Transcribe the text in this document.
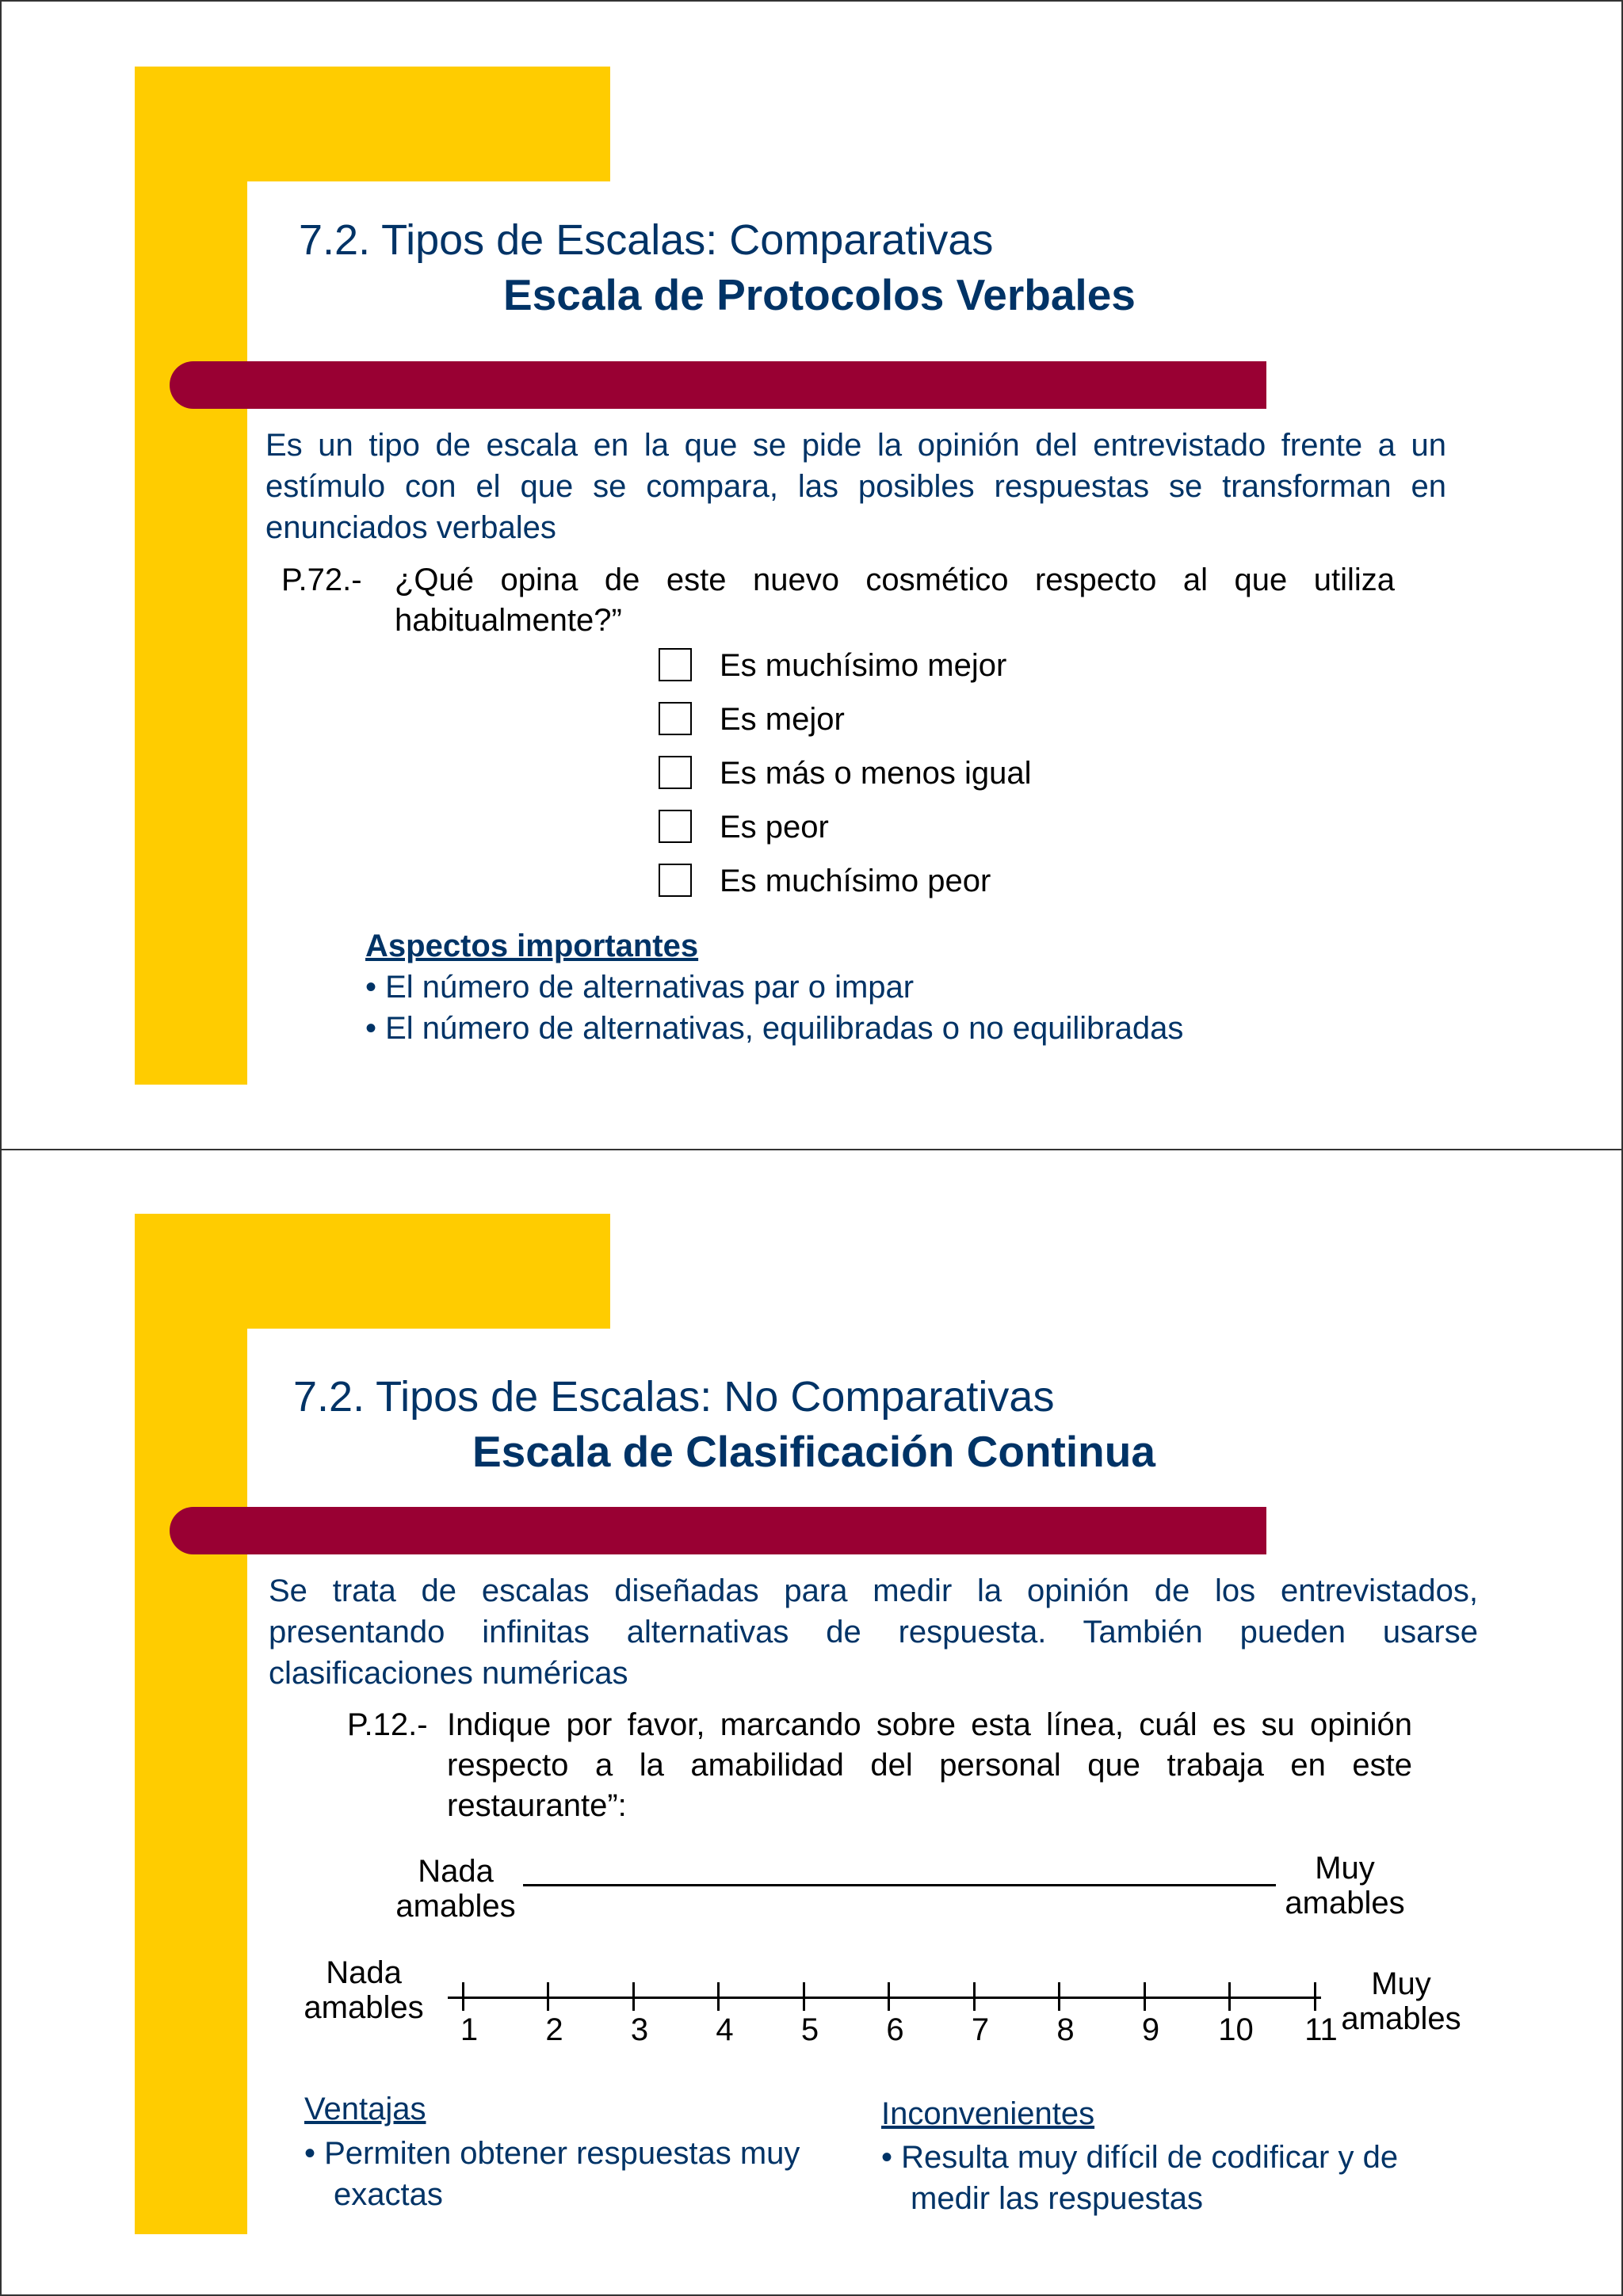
7.2. Tipos de Escalas: Comparativas
Escala de Protocolos Verbales
Es un tipo de escala en la que se pide la opinión del entrevistado frente a un estímulo con el que se compara, las posibles respuestas se transforman en enunciados verbales
P.72.- ¿Qué opina de este nuevo cosmético respecto al que utiliza habitualmente?”
Es muchísimo mejor
Es mejor
Es más o menos igual
Es peor
Es muchísimo peor
Aspectos importantes
• El número de alternativas par o impar
• El número de alternativas, equilibradas o no equilibradas
7.2. Tipos de Escalas: No Comparativas
Escala de Clasificación Continua
Se trata de escalas diseñadas para medir la opinión de los entrevistados, presentando infinitas alternativas de respuesta. También pueden usarse clasificaciones numéricas
P.12.- Indique por favor, marcando sobre esta línea, cuál es su opinión respecto a la amabilidad del personal que trabaja en este restaurante”:
Nada
amables
Muy
amables
Nada
amables
1	2	3	4	5	6	7	8	9	10 11
Muy
amables
Ventajas
• Permiten obtener respuestas muy exactas
Inconvenientes
• Resulta muy difícil de codificar y de medir las respuestas
